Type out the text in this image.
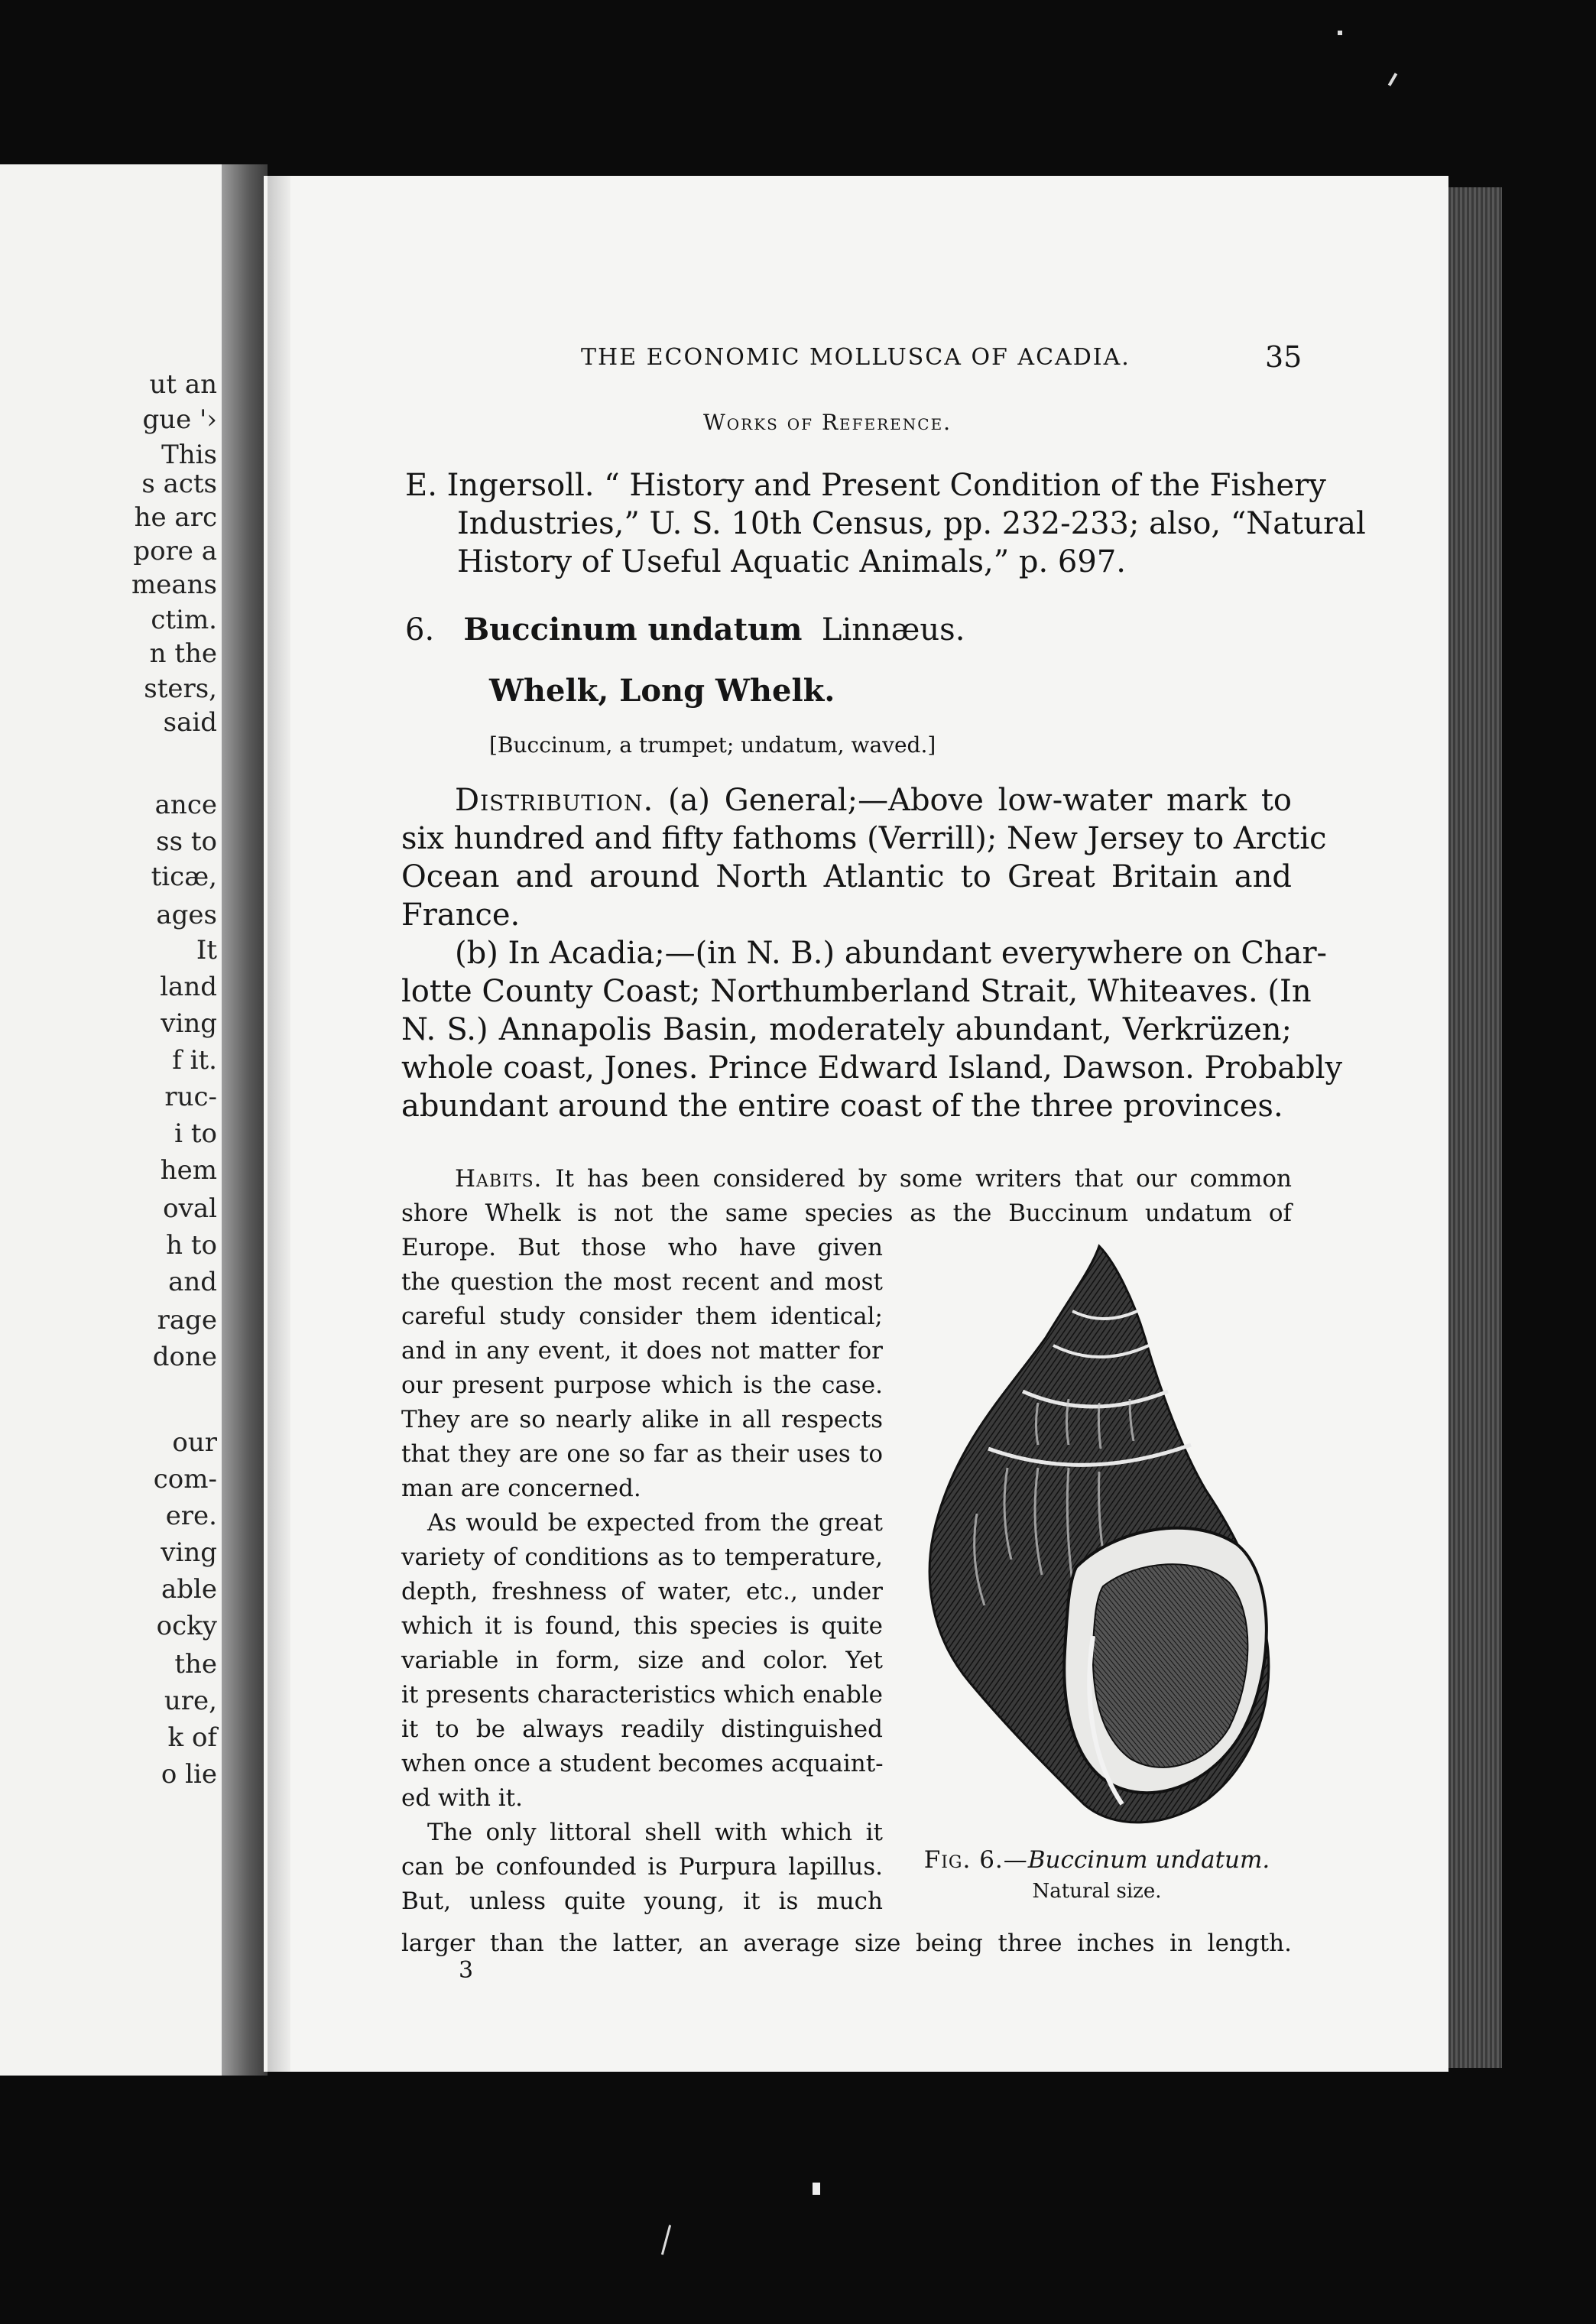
ut an
gue '›
This
s acts
he arc
pore a
means
ctim.
n the
sters,
said
ance
ss to
ticæ,
ages
It
land
ving
f it.
ruc-
i to
hem
oval
h to
and
rage
done
our
com-
ere.
ving
able
ocky
the
ure,
k of
o lie
THE ECONOMIC MOLLUSCA OF ACADIA.	35
Works of Reference.
E. Ingersoll. “ History and Present Condition of the Fishery
Industries,” U. S. 10th Census, pp. 232-233; also, “Natural
History of Useful Aquatic Animals,” p. 697.
6. Buccinum undatum Linnæus.
Whelk, Long Whelk.
[Buccinum, a trumpet; undatum, waved.]
Distribution. (a) General;—Above low-water mark to
six hundred and fifty fathoms (Verrill); New Jersey to Arctic
Ocean and around North Atlantic to Great Britain and
France.
(b) In Acadia;—(in N. B.) abundant everywhere on Char-
lotte County Coast; Northumberland Strait, Whiteaves. (In
N. S.) Annapolis Basin, moderately abundant, Verkrüzen;
whole coast, Jones. Prince Edward Island, Dawson. Probably
abundant around the entire coast of the three provinces.
Habits. It has been considered by some writers that our common
shore Whelk is not the same species as the Buccinum undatum of
Europe. But those who have given
the question the most recent and most
careful study consider them identical;
and in any event, it does not matter for
our present purpose which is the case.
They are so nearly alike in all respects
that they are one so far as their uses to
man are concerned.
As would be expected from the great
variety of conditions as to temperature,
depth, freshness of water, etc., under
which it is found, this species is quite
variable in form, size and color. Yet
it presents characteristics which enable
it to be always readily distinguished
when once a student becomes acquaint-
ed with it.
The only littoral shell with which it
can be confounded is Purpura lapillus.
But, unless quite young, it is much
larger than the latter, an average size being three inches in length.
Fig. 6.—Buccinum undatum.
Natural size.
3
